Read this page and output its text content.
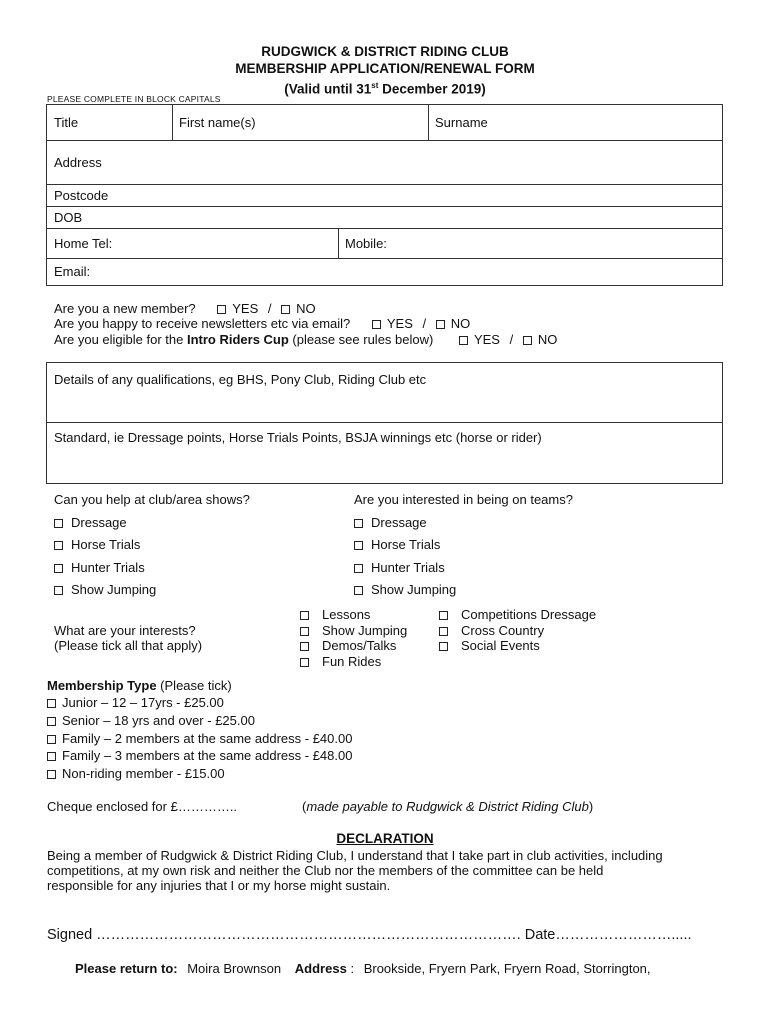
RUDGWICK & DISTRICT RIDING CLUB
MEMBERSHIP APPLICATION/RENEWAL FORM
(Valid until 31st December 2019)
PLEASE COMPLETE IN BLOCK CAPITALS
Title	First name(s)	Surname
Address
Postcode
DOB
Home Tel:	Mobile:
Email:
Are you a new member?	YES / NO
Are you happy to receive newsletters etc via email?	YES / NO
Are you eligible for the Intro Riders Cup (please see rules below)	YES / NO
Details of any qualifications, eg BHS, Pony Club, Riding Club etc
Standard, ie Dressage points, Horse Trials Points, BSJA winnings etc (horse or rider)
Can you help at club/area shows?
Dressage
Horse Trials
Hunter Trials
Show Jumping
Are you interested in being on teams?
Dressage
Horse Trials
Hunter Trials
Show Jumping
What are your interests?
(Please tick all that apply)
Lessons
Show Jumping
Demos/Talks
Fun Rides
Competitions Dressage
Cross Country
Social Events
Membership Type (Please tick)
Junior – 12 – 17yrs - £25.00
Senior – 18 yrs and over - £25.00
Family – 2 members at the same address - £40.00
Family – 3 members at the same address - £48.00
Non-riding member - £15.00
Cheque enclosed for £…………..	(made payable to Rudgwick & District Riding Club)
DECLARATION
Being a member of Rudgwick & District Riding Club, I understand that I take part in club activities, including
competitions, at my own risk and neither the Club nor the members of the committee can be held
responsible for any injuries that I or my horse might sustain.
Signed ……………………………………………………………………………. Date…………………….....
Please return to: Moira Brownson Address : Brookside, Fryern Park, Fryern Road, Storrington,
